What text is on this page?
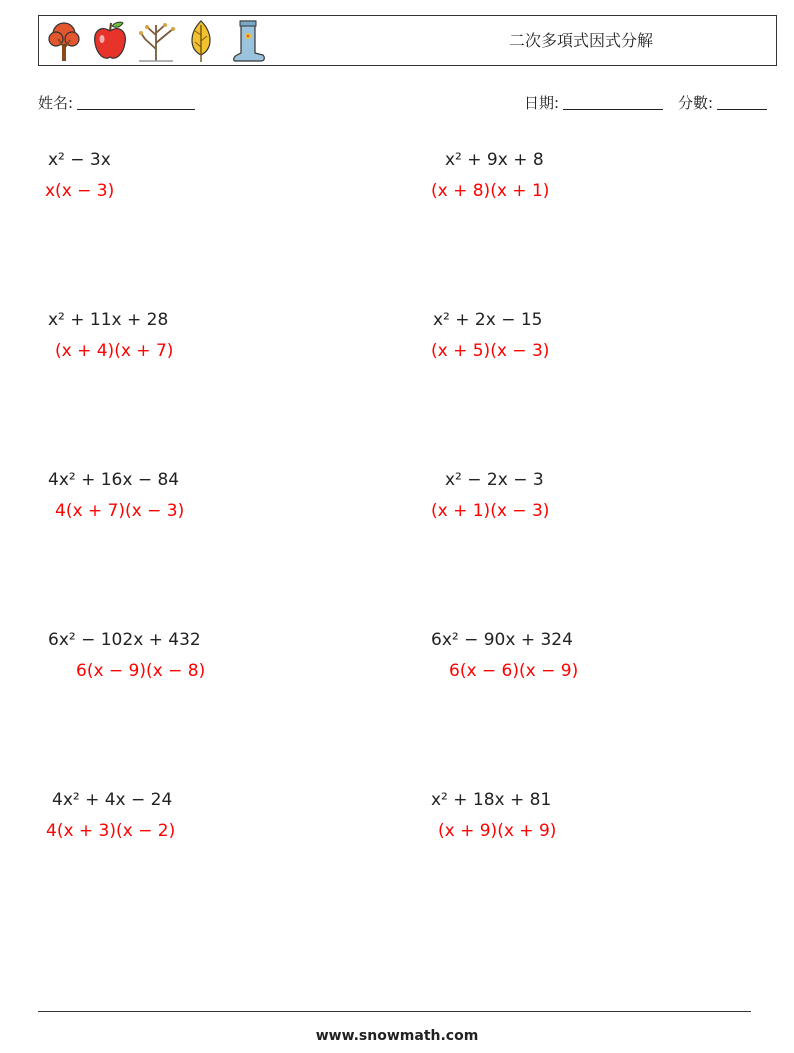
二次多項式因式分解
姓名:	日期:	分數:
x² − 3x
x(x − 3)
x² + 9x + 8
(x + 8)(x + 1)
x² + 11x + 28
(x + 4)(x + 7)
x² + 2x − 15
(x + 5)(x − 3)
4x² + 16x − 84
4(x + 7)(x − 3)
x² − 2x − 3
(x + 1)(x − 3)
6x² − 102x + 432
6(x − 9)(x − 8)
6x² − 90x + 324
6(x − 6)(x − 9)
4x² + 4x − 24
4(x + 3)(x − 2)
x² + 18x + 81
(x + 9)(x + 9)
www.snowmath.com
